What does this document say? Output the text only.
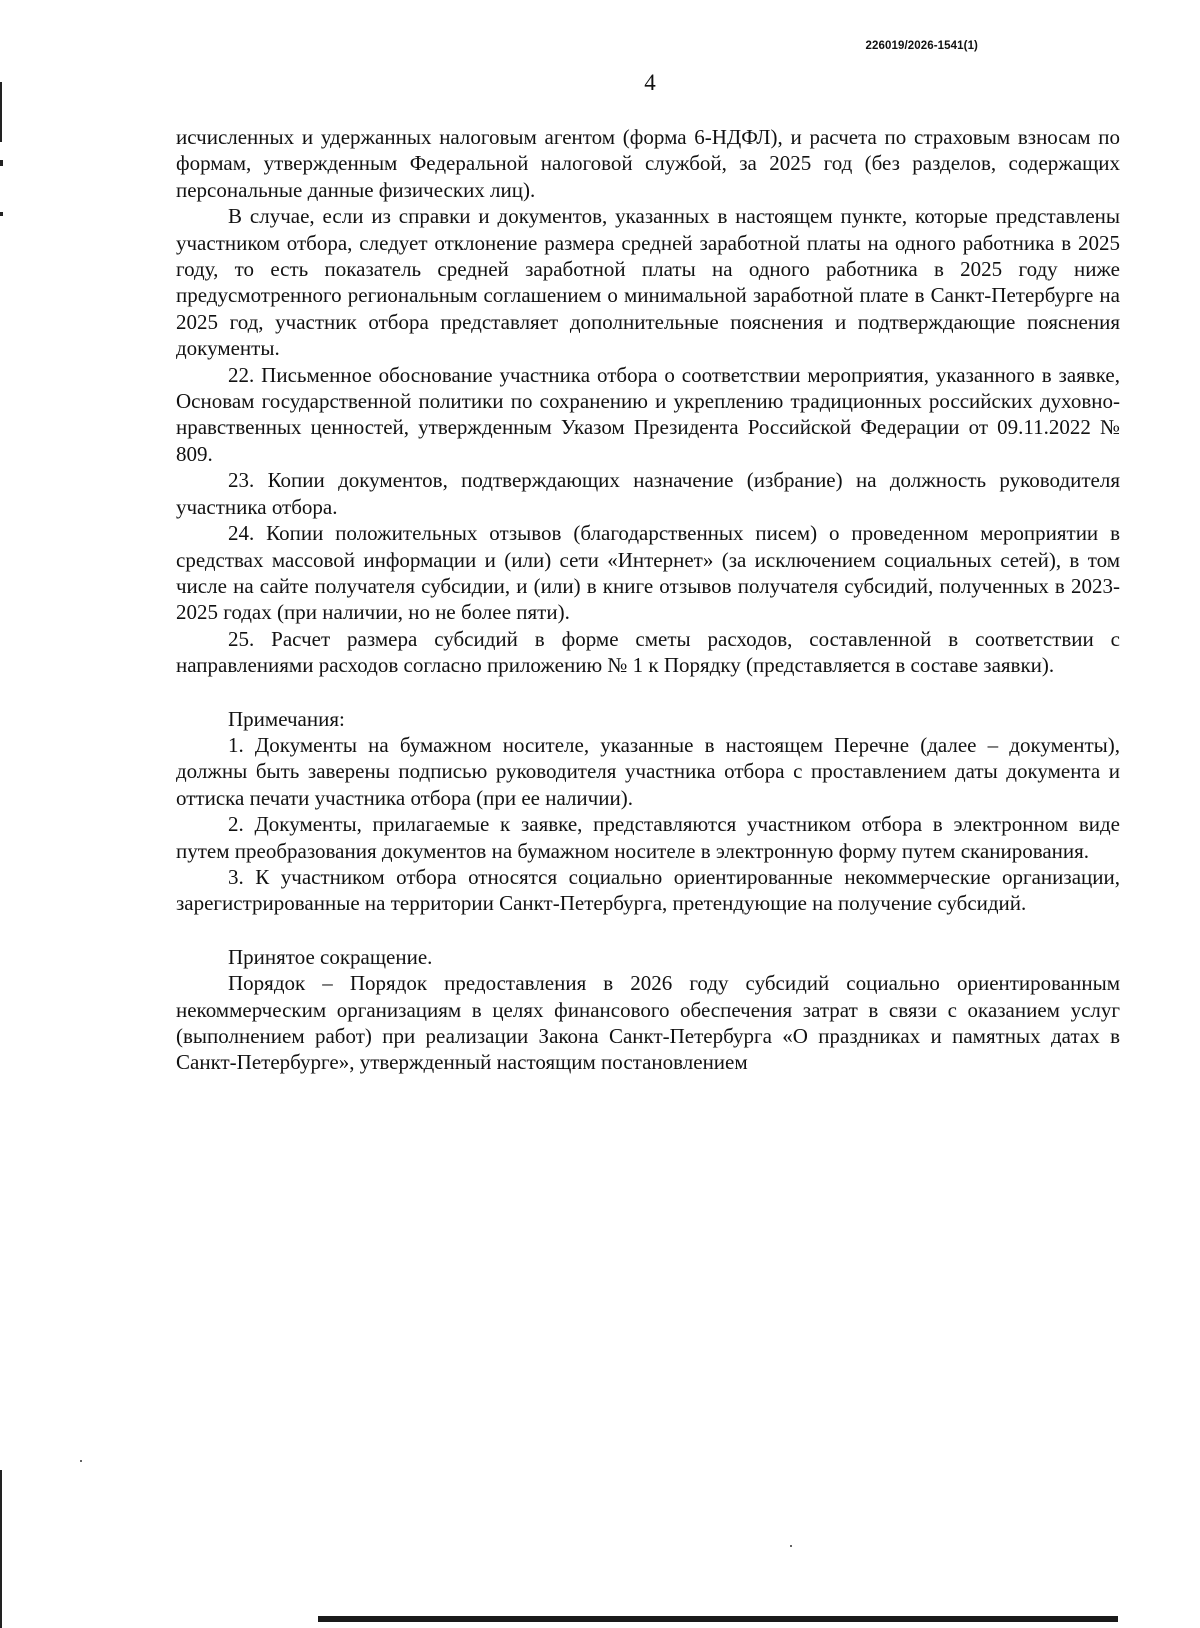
226019/2026-1541(1)
4

исчисленных и удержанных налоговым агентом (форма 6-НДФЛ), и расчета по страховым взносам по формам, утвержденным Федеральной налоговой службой, за 2025 год (без разделов, содержащих персональные данные физических лиц).

В случае, если из справки и документов, указанных в настоящем пункте, которые представлены участником отбора, следует отклонение размера средней заработной платы на одного работника в 2025 году, то есть показатель средней заработной платы на одного работника в 2025 году ниже предусмотренного региональным соглашением о минимальной заработной плате в Санкт-Петербурге на 2025 год, участник отбора представляет дополнительные пояснения и подтверждающие пояснения документы.

22. Письменное обоснование участника отбора о соответствии мероприятия, указанного в заявке, Основам государственной политики по сохранению и укреплению традиционных российских духовно-нравственных ценностей, утвержденным Указом Президента Российской Федерации от 09.11.2022 № 809.

23. Копии документов, подтверждающих назначение (избрание) на должность руководителя участника отбора.

24. Копии положительных отзывов (благодарственных писем) о проведенном мероприятии в средствах массовой информации и (или) сети «Интернет» (за исключением социальных сетей), в том числе на сайте получателя субсидии, и (или) в книге отзывов получателя субсидий, полученных в 2023-2025 годах (при наличии, но не более пяти).

25. Расчет размера субсидий в форме сметы расходов, составленной в соответствии с направлениями расходов согласно приложению № 1 к Порядку (представляется в составе заявки).

Примечания:

1. Документы на бумажном носителе, указанные в настоящем Перечне (далее – документы), должны быть заверены подписью руководителя участника отбора с проставлением даты документа и оттиска печати участника отбора (при ее наличии).

2. Документы, прилагаемые к заявке, представляются участником отбора в электронном виде путем преобразования документов на бумажном носителе в электронную форму путем сканирования.

3. К участником отбора относятся социально ориентированные некоммерческие организации, зарегистрированные на территории Санкт-Петербурга, претендующие на получение субсидий.

Принятое сокращение.

Порядок – Порядок предоставления в 2026 году субсидий социально ориентированным некоммерческим организациям в целях финансового обеспечения затрат в связи с оказанием услуг (выполнением работ) при реализации Закона Санкт-Петербурга «О праздниках и памятных датах в Санкт-Петербурге», утвержденный настоящим постановлением
